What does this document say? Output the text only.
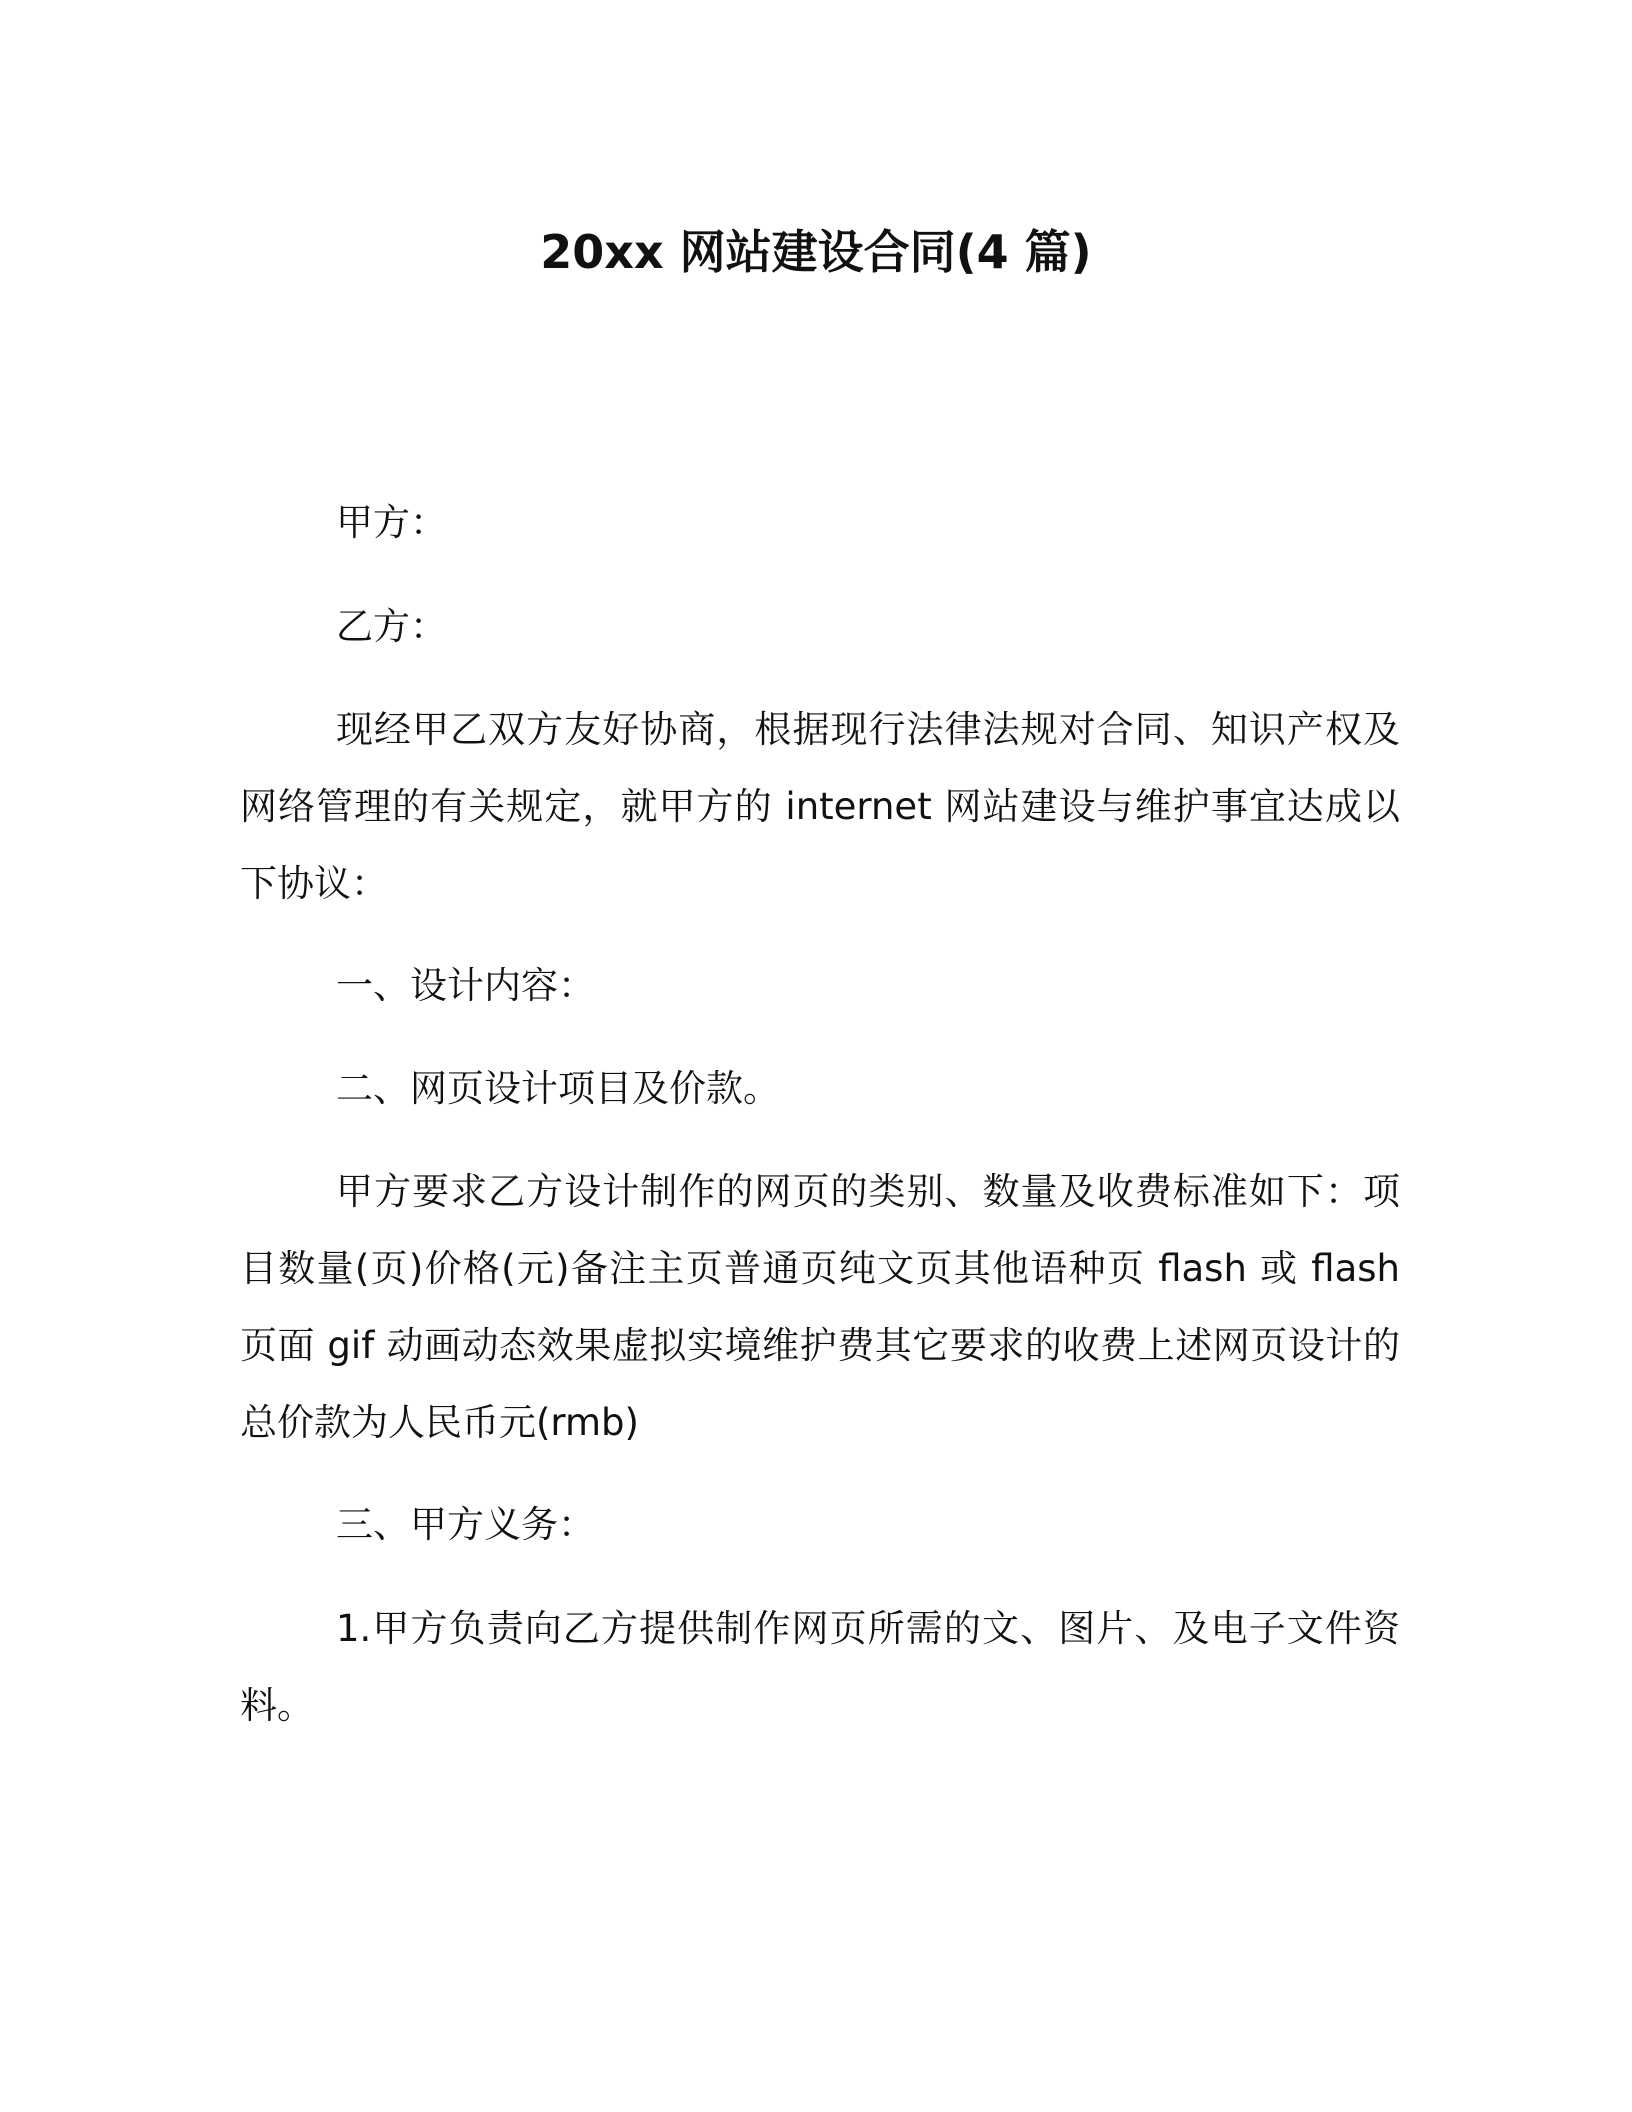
20xx 网站建设合同(4 篇)

甲方：

乙方：

现经甲乙双方友好协商，根据现行法律法规对合同、知识产权及网络管理的有关规定，就甲方的 internet 网站建设与维护事宜达成以下协议：

一、设计内容：

二、网页设计项目及价款。

甲方要求乙方设计制作的网页的类别、数量及收费标准如下：项目数量(页)价格(元)备注主页普通页纯文页其他语种页 flash 或 flash 页面 gif 动画动态效果虚拟实境维护费其它要求的收费上述网页设计的总价款为人民币元(rmb)

三、甲方义务：

1.甲方负责向乙方提供制作网页所需的文、图片、及电子文件资料。
